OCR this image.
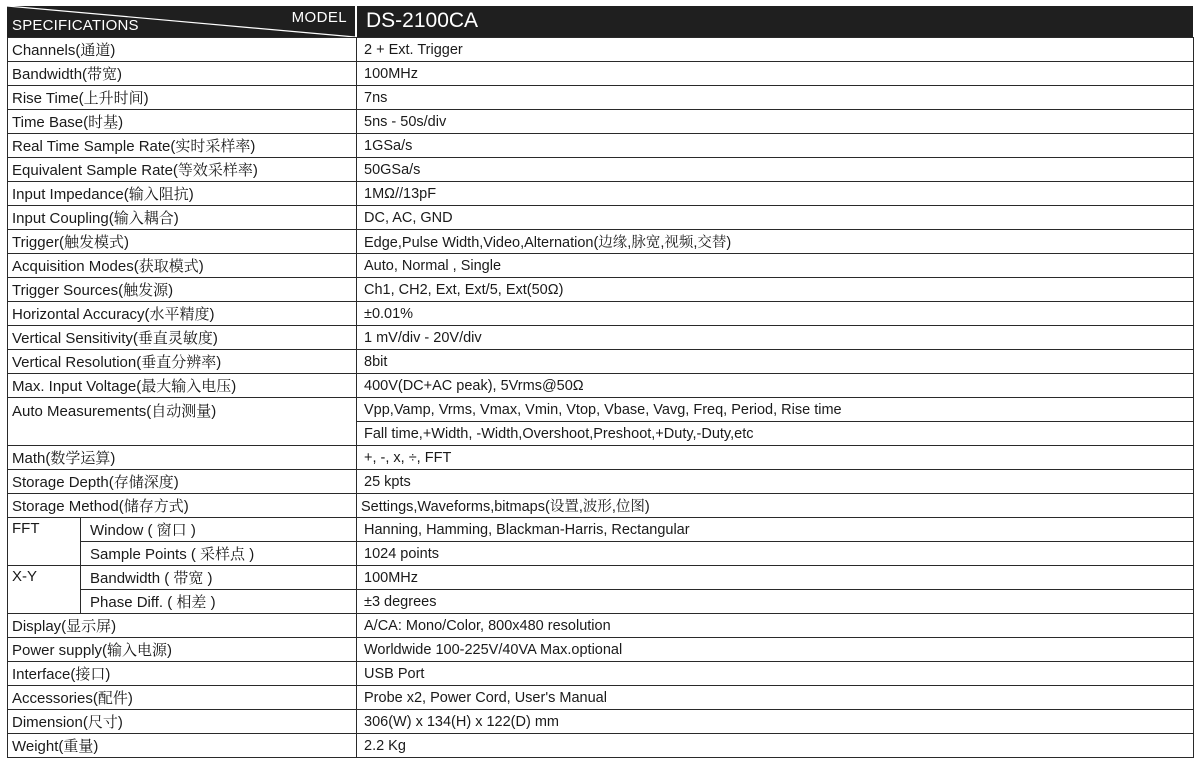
SPECIFICATIONS	MODEL DS-2100CA
Channels(通道)		2 + Ext. Trigger
Bandwidth(带宽)		100MHz
Rise Time(上升时间)		7ns
Time Base(时基)		5ns - 50s/div
Real Time Sample Rate(实时采样率)		1GSa/s
Equivalent Sample Rate(等效采样率)		50GSa/s
Input Impedance(输入阻抗)		1MΩ//13pF
Input Coupling(输入耦合)		DC, AC, GND
Trigger(触发模式)		Edge,Pulse Width,Video,Alternation(边缘,脉宽,视频,交替)
Acquisition Modes(获取模式)		Auto, Normal , Single
Trigger Sources(触发源)		Ch1, CH2, Ext, Ext/5, Ext(50Ω)
Horizontal Accuracy(水平精度)		±0.01%
Vertical Sensitivity(垂直灵敏度)		1 mV/div - 20V/div
Vertical Resolution(垂直分辨率)		8bit
Max. Input Voltage(最大输入电压)		400V(DC+AC peak), 5Vrms@50Ω
Auto Measurements(自动测量)		Vpp,Vamp, Vrms, Vmax, Vmin, Vtop, Vbase, Vavg, Freq, Period, Rise time
		Fall time,+Width, -Width,Overshoot,Preshoot,+Duty,-Duty,etc
Math(数学运算)		+, -, x, ÷, FFT
Storage Depth(存储深度)		25 kpts
Storage Method(储存方式)		Settings,Waveforms,bitmaps(设置,波形,位图)
FFT	Window ( 窗口 )	Hanning, Hamming, Blackman-Harris, Rectangular
	Sample Points ( 采样点 )	1024 points
X-Y	Bandwidth ( 带宽 )	100MHz
	Phase Diff. ( 相差 )	±3 degrees
Display(显示屏)		A/CA: Mono/Color, 800x480 resolution
Power supply(输入电源)		Worldwide 100-225V/40VA Max.optional
Interface(接口)		USB Port
Accessories(配件)		Probe x2, Power Cord, User's Manual
Dimension(尺寸)		306(W) x 134(H) x 122(D) mm
Weight(重量)		2.2 Kg
